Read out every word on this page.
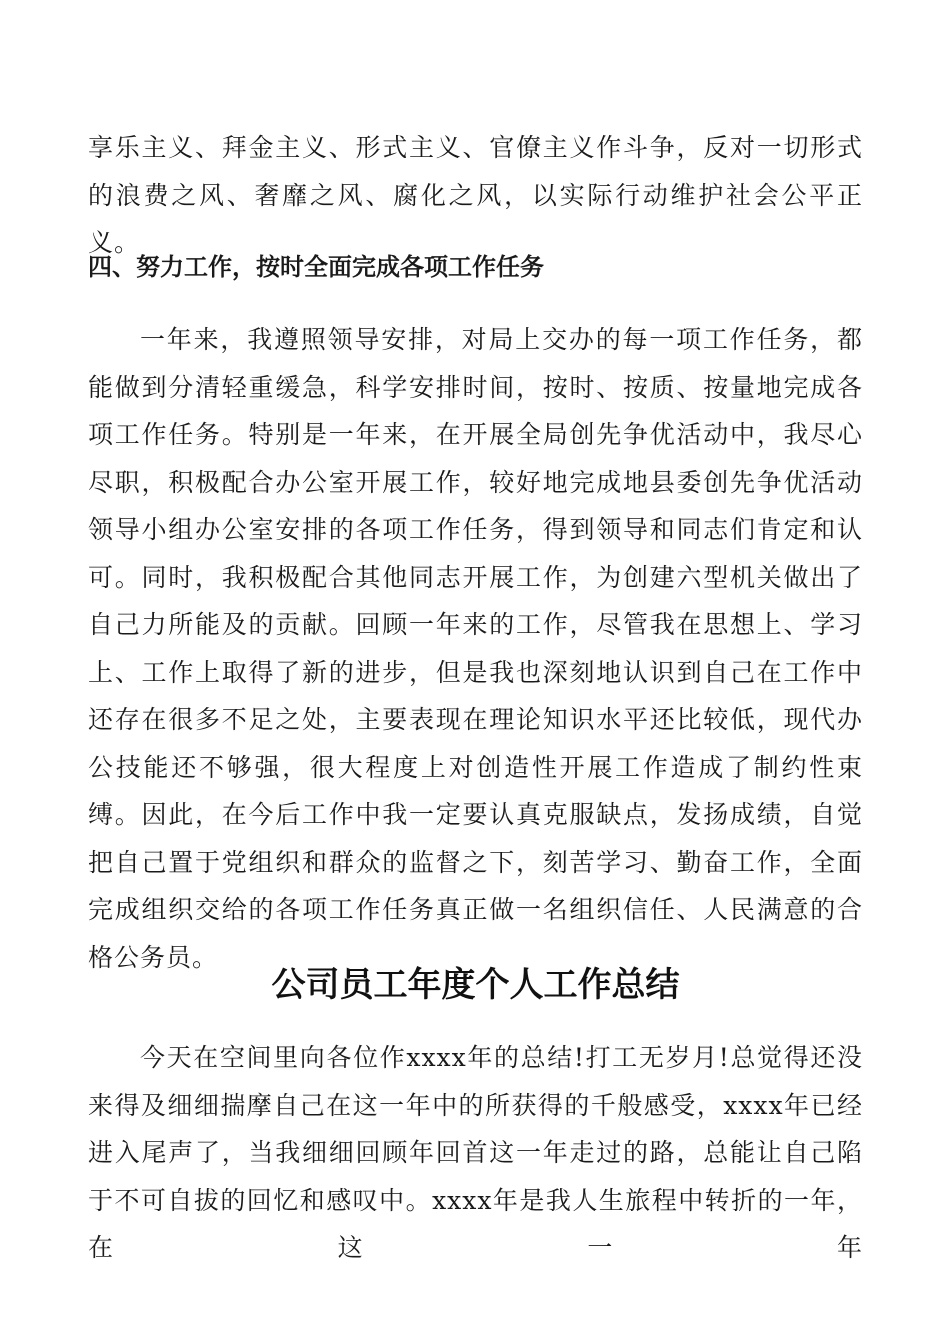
享乐主义、拜金主义、形式主义、官僚主义作斗争，反对一切形式的浪费之风、奢靡之风、腐化之风，以实际行动维护社会公平正义。

四、努力工作，按时全面完成各项工作任务

一年来，我遵照领导安排，对局上交办的每一项工作任务，都能做到分清轻重缓急，科学安排时间，按时、按质、按量地完成各项工作任务。特别是一年来，在开展全局创先争优活动中，我尽心尽职，积极配合办公室开展工作，较好地完成地县委创先争优活动领导小组办公室安排的各项工作任务，得到领导和同志们肯定和认可。同时，我积极配合其他同志开展工作，为创建六型机关做出了自己力所能及的贡献。回顾一年来的工作，尽管我在思想上、学习上、工作上取得了新的进步，但是我也深刻地认识到自己在工作中还存在很多不足之处，主要表现在理论知识水平还比较低，现代办公技能还不够强，很大程度上对创造性开展工作造成了制约性束缚。因此，在今后工作中我一定要认真克服缺点，发扬成绩，自觉把自己置于党组织和群众的监督之下，刻苦学习、勤奋工作，全面完成组织交给的各项工作任务真正做一名组织信任、人民满意的合格公务员。

公司员工年度个人工作总结

今天在空间里向各位作xxxx年的总结!打工无岁月!总觉得还没来得及细细揣摩自己在这一年中的所获得的千般感受，xxxx年已经进入尾声了，当我细细回顾年回首这一年走过的路，总能让自己陷于不可自拔的回忆和感叹中。xxxx年是我人生旅程中转折的一年，在这一年
